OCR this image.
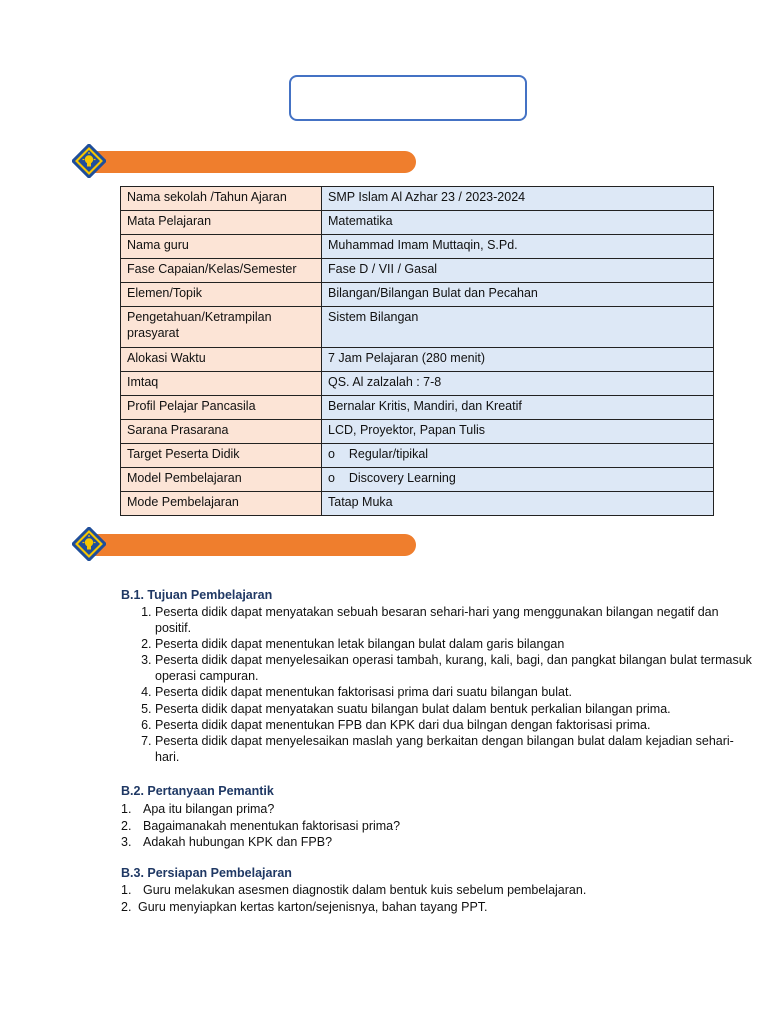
Nama sekolah /Tahun Ajaran	SMP Islam Al Azhar 23 / 2023-2024
Mata Pelajaran	Matematika
Nama guru	Muhammad Imam Muttaqin, S.Pd.
Fase Capaian/Kelas/Semester	Fase D / VII / Gasal
Elemen/Topik	Bilangan/Bilangan Bulat dan Pecahan
Pengetahuan/Ketrampilan prasyarat	Sistem Bilangan
Alokasi Waktu	7 Jam Pelajaran (280 menit)
Imtaq	QS. Al zalzalah : 7-8
Profil Pelajar Pancasila	Bernalar Kritis, Mandiri, dan Kreatif
Sarana Prasarana	LCD, Proyektor, Papan Tulis
Target Peserta Didik	o    Regular/tipikal
Model Pembelajaran	o    Discovery Learning
Mode Pembelajaran	Tatap Muka

B.1. Tujuan Pembelajaran

1. Peserta didik dapat menyatakan sebuah besaran sehari-hari yang menggunakan bilangan negatif dan positif.
2. Peserta didik dapat menentukan letak bilangan bulat dalam garis bilangan
3. Peserta didik dapat menyelesaikan operasi tambah, kurang, kali, bagi, dan pangkat bilangan bulat termasuk operasi campuran.
4. Peserta didik dapat menentukan faktorisasi prima dari suatu bilangan bulat.
5. Peserta didik dapat menyatakan suatu bilangan bulat dalam bentuk perkalian bilangan prima.
6. Peserta didik dapat menentukan FPB dan KPK dari dua bilngan dengan faktorisasi prima.
7. Peserta didik dapat menyelesaikan maslah yang berkaitan dengan bilangan bulat dalam kejadian sehari-hari.

B.2. Pertanyaan Pemantik

1. Apa itu bilangan prima?
2. Bagaimanakah menentukan faktorisasi prima?
3. Adakah hubungan KPK dan FPB?

B.3. Persiapan Pembelajaran

1. Guru melakukan asesmen diagnostik dalam bentuk kuis sebelum pembelajaran.
2. Guru menyiapkan kertas karton/sejenisnya, bahan tayang PPT.
